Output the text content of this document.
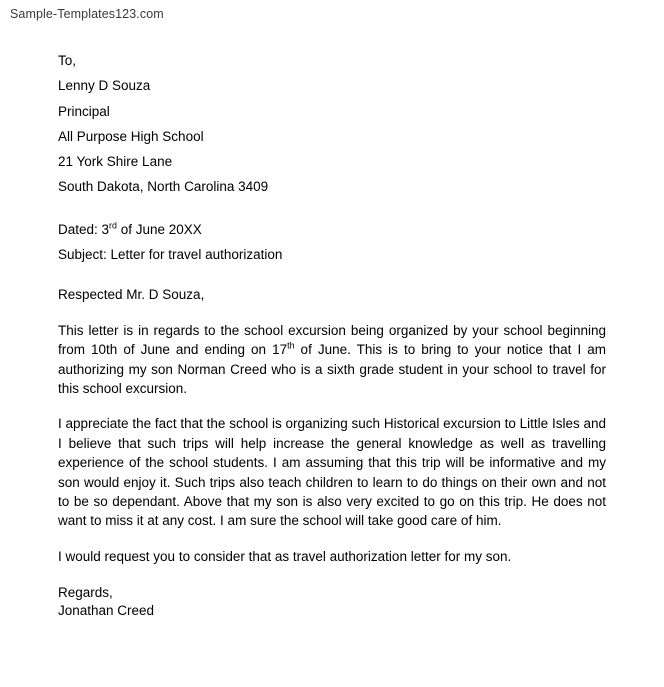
Sample-Templates123.com
To,
Lenny D Souza
Principal
All Purpose High School
21 York Shire Lane
South Dakota, North Carolina 3409
Dated: 3rd of June 20XX
Subject: Letter for travel authorization
Respected Mr. D Souza,

This letter is in regards to the school excursion being organized by your school beginning from 10th of June and ending on 17th of June. This is to bring to your notice that I am authorizing my son Norman Creed who is a sixth grade student in your school to travel for this school excursion.

I appreciate the fact that the school is organizing such Historical excursion to Little Isles and I believe that such trips will help increase the general knowledge as well as travelling experience of the school students. I am assuming that this trip will be informative and my son would enjoy it. Such trips also teach children to learn to do things on their own and not to be so dependant. Above that my son is also very excited to go on this trip. He does not want to miss it at any cost. I am sure the school will take good care of him.

I would request you to consider that as travel authorization letter for my son.

Regards,
Jonathan Creed
